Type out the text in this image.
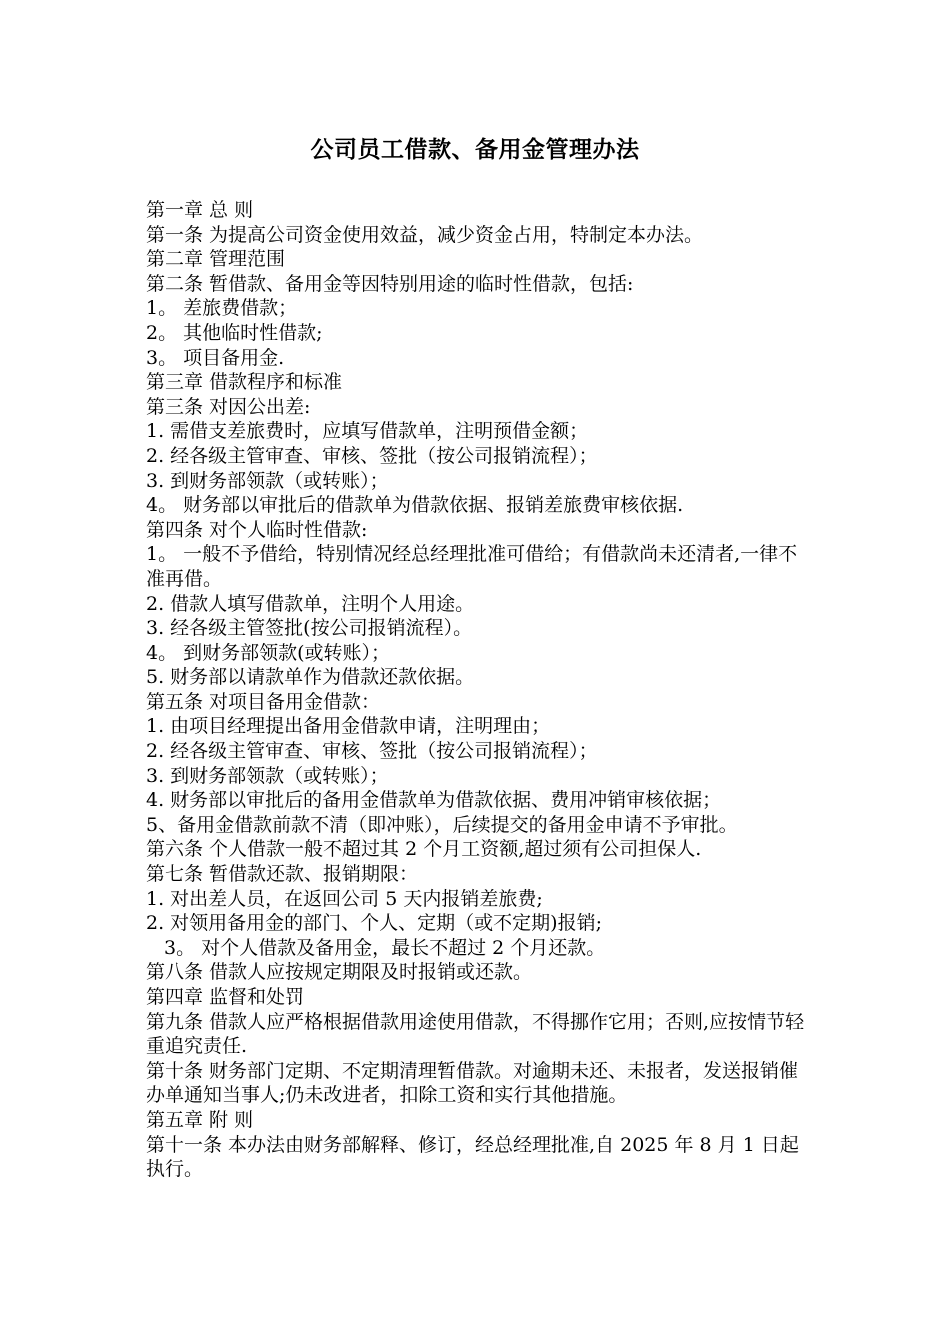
公司员工借款、备用金管理办法
第一章 总 则
第一条 为提高公司资金使用效益，减少资金占用，特制定本办法。
第二章 管理范围
第二条 暂借款、备用金等因特别用途的临时性借款，包括:
1。 差旅费借款；
2。 其他临时性借款;
3。 项目备用金.
第三章 借款程序和标准
第三条 对因公出差:
1. 需借支差旅费时，应填写借款单，注明预借金额；
2. 经各级主管审查、审核、签批（按公司报销流程）；
3. 到财务部领款（或转账）；
4。 财务部以审批后的借款单为借款依据、报销差旅费审核依据.
第四条 对个人临时性借款:
1。 一般不予借给，特别情况经总经理批准可借给；有借款尚未还清者,一律不准再借。
2. 借款人填写借款单，注明个人用途。
3. 经各级主管签批(按公司报销流程）。
4。 到财务部领款(或转账）；
5. 财务部以请款单作为借款还款依据。
第五条 对项目备用金借款：
1. 由项目经理提出备用金借款申请，注明理由；
2. 经各级主管审查、审核、签批（按公司报销流程）；
3. 到财务部领款（或转账）；
4. 财务部以审批后的备用金借款单为借款依据、费用冲销审核依据；
5、备用金借款前款不清（即冲账），后续提交的备用金申请不予审批。
第六条 个人借款一般不超过其 2 个月工资额,超过须有公司担保人.
第七条 暂借款还款、报销期限：
1. 对出差人员，在返回公司 5 天内报销差旅费;
2. 对领用备用金的部门、个人、定期（或不定期)报销;
3。 对个人借款及备用金，最长不超过 2 个月还款。
第八条 借款人应按规定期限及时报销或还款。
第四章 监督和处罚
第九条 借款人应严格根据借款用途使用借款，不得挪作它用；否则,应按情节轻重追究责任.
第十条 财务部门定期、不定期清理暂借款。对逾期未还、未报者，发送报销催办单通知当事人;仍未改进者，扣除工资和实行其他措施。
第五章 附 则
第十一条 本办法由财务部解释、修订，经总经理批准,自 2025 年 8 月 1 日起执行。
